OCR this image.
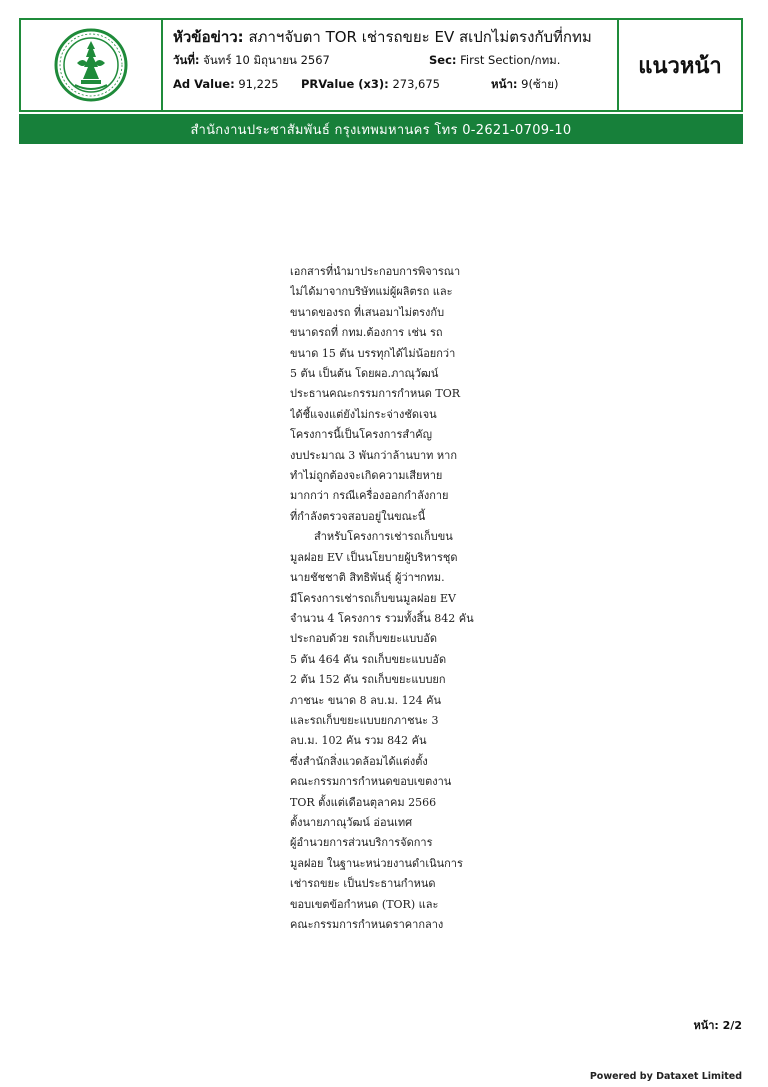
หัวข้อข่าว: สภาฯจับตา TOR เช่ารถขยะ EV สเปกไม่ตรงกับที่กทม
วันที่: จันทร์ 10 มิถุนายน 2567	Sec: First Section/กทม.
Ad Value: 91,225 PRValue (x3): 273,675	หน้า: 9(ซ้าย)
แนวหน้า
สำนักงานประชาสัมพันธ์ กรุงเทพมหานคร โทร 0-2621-0709-10

เอกสารที่นำมาประกอบการพิจารณา

ไม่ได้มาจากบริษัทแม่ผู้ผลิตรถ และ

ขนาดของรถ ที่เสนอมาไม่ตรงกับ

ขนาดรถที่ กทม.ต้องการ เช่น รถ

ขนาด 15 ตัน บรรทุกได้ไม่น้อยกว่า

5 ตัน เป็นต้น โดยผอ.ภาณุวัฒน์

ประธานคณะกรรมการกำหนด TOR

ได้ชี้แจงแต่ยังไม่กระจ่างชัดเจน

โครงการนี้เป็นโครงการสำคัญ

งบประมาณ 3 พันกว่าล้านบาท หาก

ทำไม่ถูกต้องจะเกิดความเสียหาย

มากกว่า กรณีเครื่องออกกำลังกาย

ที่กำลังตรวจสอบอยู่ในขณะนี้

สำหรับโครงการเช่ารถเก็บขน

มูลฝอย EV เป็นนโยบายผู้บริหารชุด

นายชัชชาติ สิทธิพันธุ์ ผู้ว่าฯกทม.

มีโครงการเช่ารถเก็บขนมูลฝอย EV

จำนวน 4 โครงการ รวมทั้งสิ้น 842 คัน

ประกอบด้วย รถเก็บขยะแบบอัด

5 ตัน 464 คัน รถเก็บขยะแบบอัด

2 ตัน 152 คัน รถเก็บขยะแบบยก

ภาชนะ ขนาด 8 ลบ.ม. 124 คัน

และรถเก็บขยะแบบยกภาชนะ 3

ลบ.ม. 102 คัน รวม 842 คัน

ซึ่งสำนักสิ่งแวดล้อมได้แต่งตั้ง

คณะกรรมการกำหนดขอบเขตงาน

TOR ตั้งแต่เดือนตุลาคม 2566

ตั้งนายภาณุวัฒน์ อ่อนเทศ

ผู้อำนวยการส่วนบริการจัดการ

มูลฝอย ในฐานะหน่วยงานดำเนินการ

เช่ารถขยะ เป็นประธานกำหนด

ขอบเขตข้อกำหนด (TOR) และ

คณะกรรมการกำหนดราคากลาง

หน้า: 2/2
Powered by Dataxet Limited
